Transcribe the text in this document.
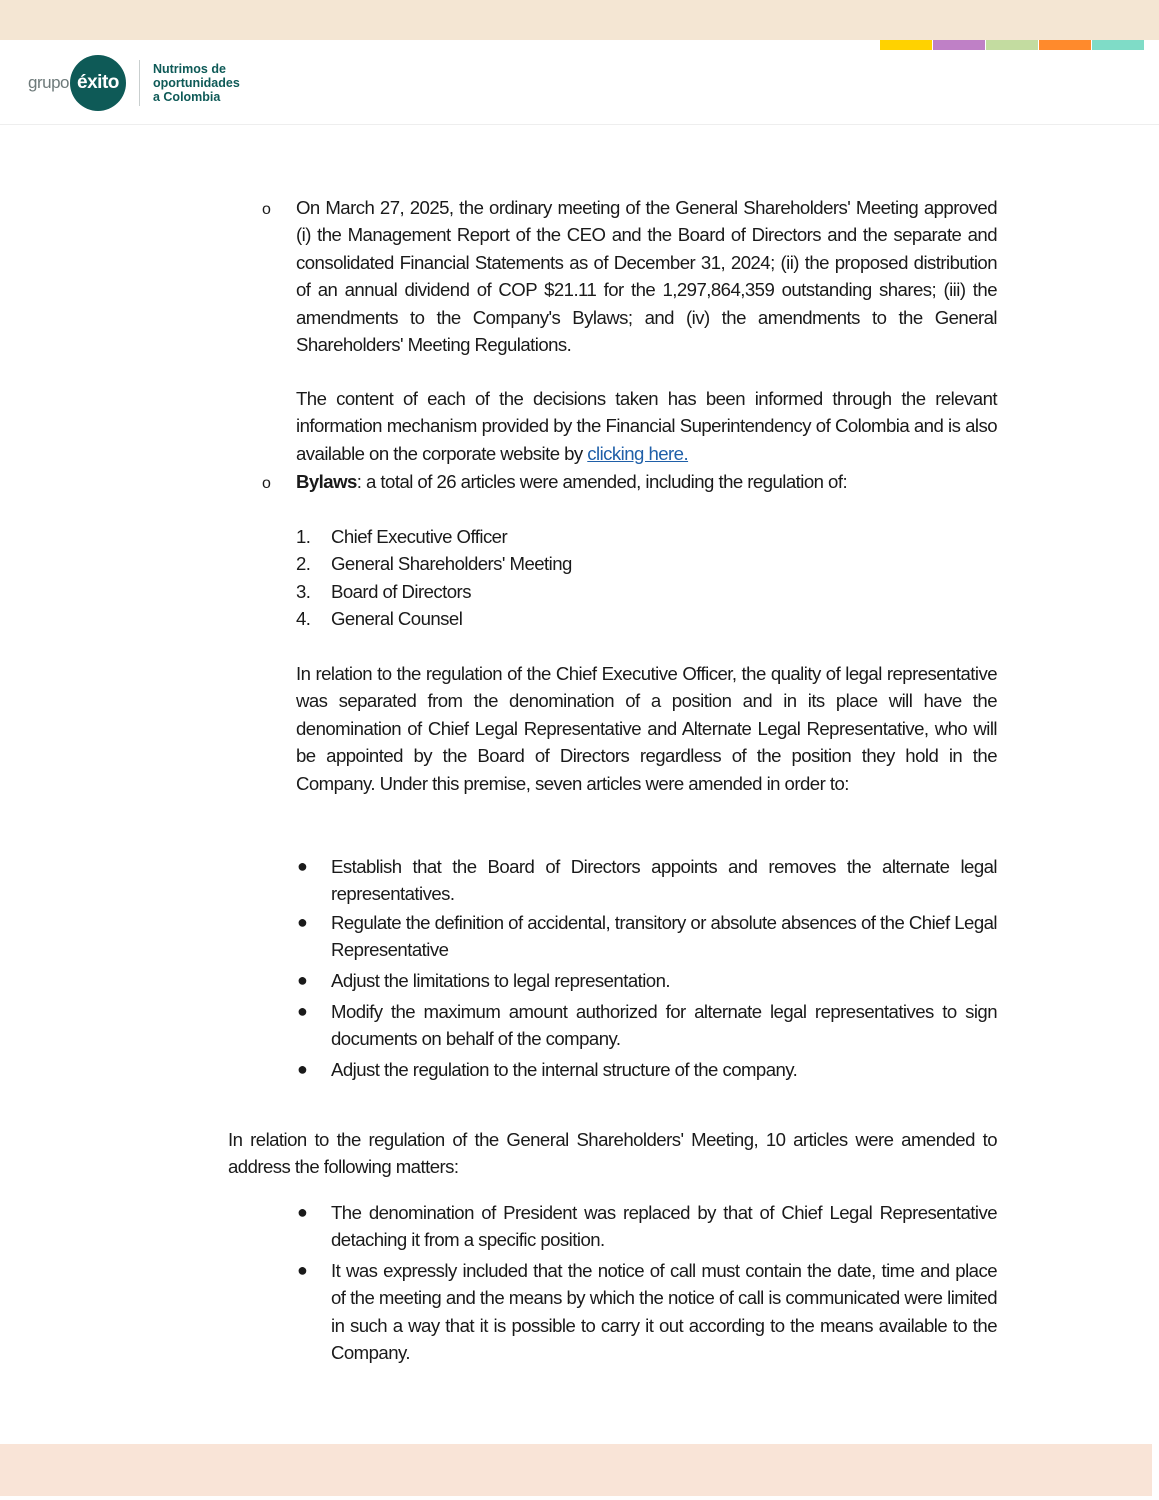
grupo éxito
Nutrimos de
oportunidades
a Colombia
o On March 27, 2025, the ordinary meeting of the General Shareholders' Meeting approved (i) the Management Report of the CEO and the Board of Directors and the separate and consolidated Financial Statements as of December 31, 2024; (ii) the proposed distribution of an annual dividend of COP $21.11 for the 1,297,864,359 outstanding shares; (iii) the amendments to the Company's Bylaws; and (iv) the amendments to the General Shareholders' Meeting Regulations.
The content of each of the decisions taken has been informed through the relevant information mechanism provided by the Financial Superintendency of Colombia and is also available on the corporate website by clicking here.
o Bylaws: a total of 26 articles were amended, including the regulation of:
1. Chief Executive Officer
2. General Shareholders' Meeting
3. Board of Directors
4. General Counsel
In relation to the regulation of the Chief Executive Officer, the quality of legal representative was separated from the denomination of a position and in its place will have the denomination of Chief Legal Representative and Alternate Legal Representative, who will be appointed by the Board of Directors regardless of the position they hold in the Company. Under this premise, seven articles were amended in order to:
● Establish that the Board of Directors appoints and removes the alternate legal representatives.
● Regulate the definition of accidental, transitory or absolute absences of the Chief Legal Representative
● Adjust the limitations to legal representation.
● Modify the maximum amount authorized for alternate legal representatives to sign documents on behalf of the company.
● Adjust the regulation to the internal structure of the company.
In relation to the regulation of the General Shareholders' Meeting, 10 articles were amended to address the following matters:
● The denomination of President was replaced by that of Chief Legal Representative detaching it from a specific position.
● It was expressly included that the notice of call must contain the date, time and place of the meeting and the means by which the notice of call is communicated were limited in such a way that it is possible to carry it out according to the means available to the Company.
